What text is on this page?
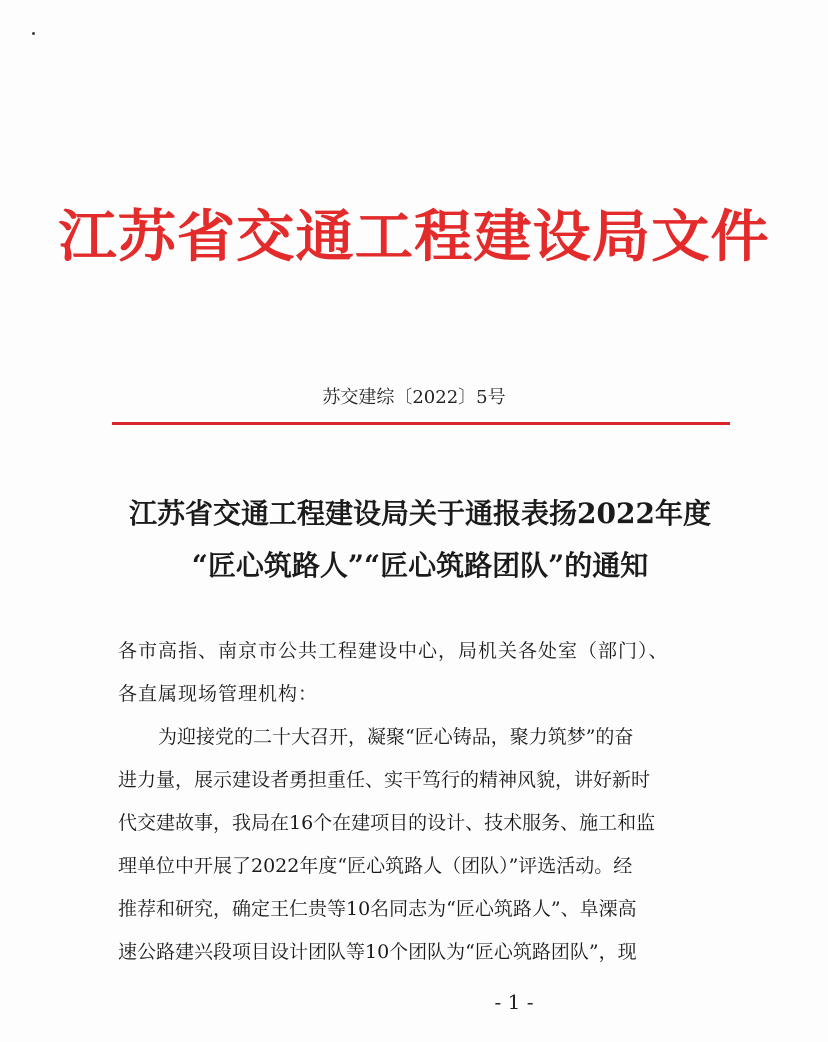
江苏省交通工程建设局文件
苏交建综〔2022〕5号
江苏省交通工程建设局关于通报表扬2022年度
“匠心筑路人”“匠心筑路团队”的通知
各市高指、南京市公共工程建设中心，局机关各处室（部门）、
各直属现场管理机构：
为迎接党的二十大召开，凝聚“匠心铸品，聚力筑梦”的奋
进力量，展示建设者勇担重任、实干笃行的精神风貌，讲好新时
代交建故事，我局在16个在建项目的设计、技术服务、施工和监
理单位中开展了2022年度“匠心筑路人（团队）”评选活动。经
推荐和研究，确定王仁贵等10名同志为“匠心筑路人”、阜溧高
速公路建兴段项目设计团队等10个团队为“匠心筑路团队”，现
- 1 -
